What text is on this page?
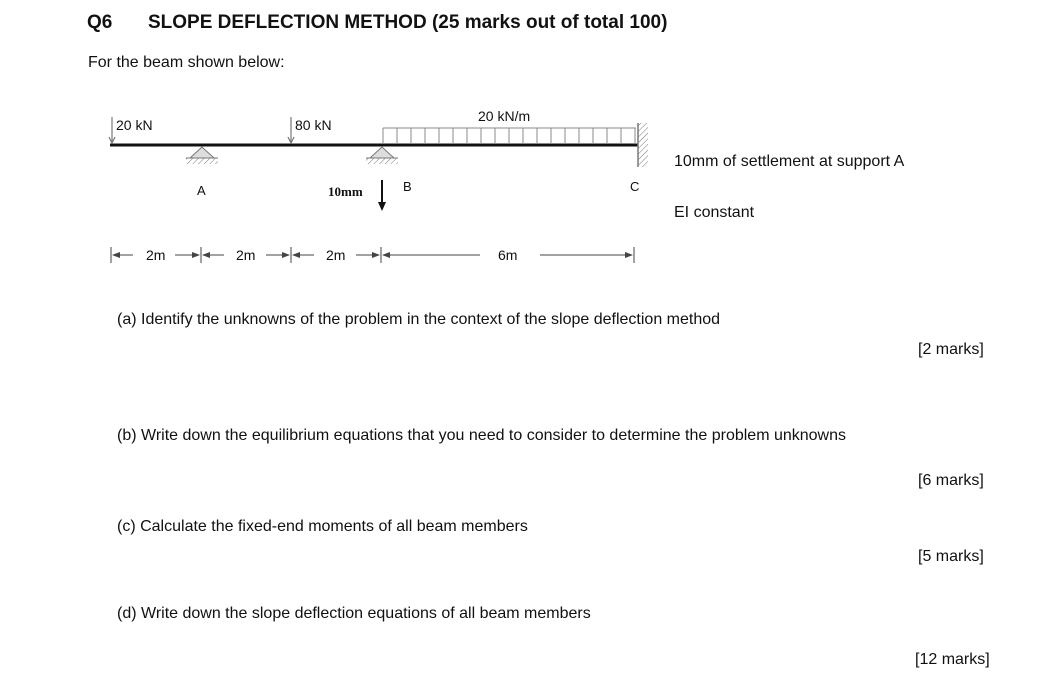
Q6 SLOPE DEFLECTION METHOD (25 marks out of total 100)
For the beam shown below:
20 kN	80 kN
20 kN/m
A	B
10mm	C
2m	2m	2m	6m
10mm of settlement at support A
EI constant
(a) Identify the unknowns of the problem in the context of the slope deflection method
[2 marks]
(b) Write down the equilibrium equations that you need to consider to determine the problem unknowns
[6 marks]
(c) Calculate the fixed-end moments of all beam members
[5 marks]
(d) Write down the slope deflection equations of all beam members
[12 marks]
